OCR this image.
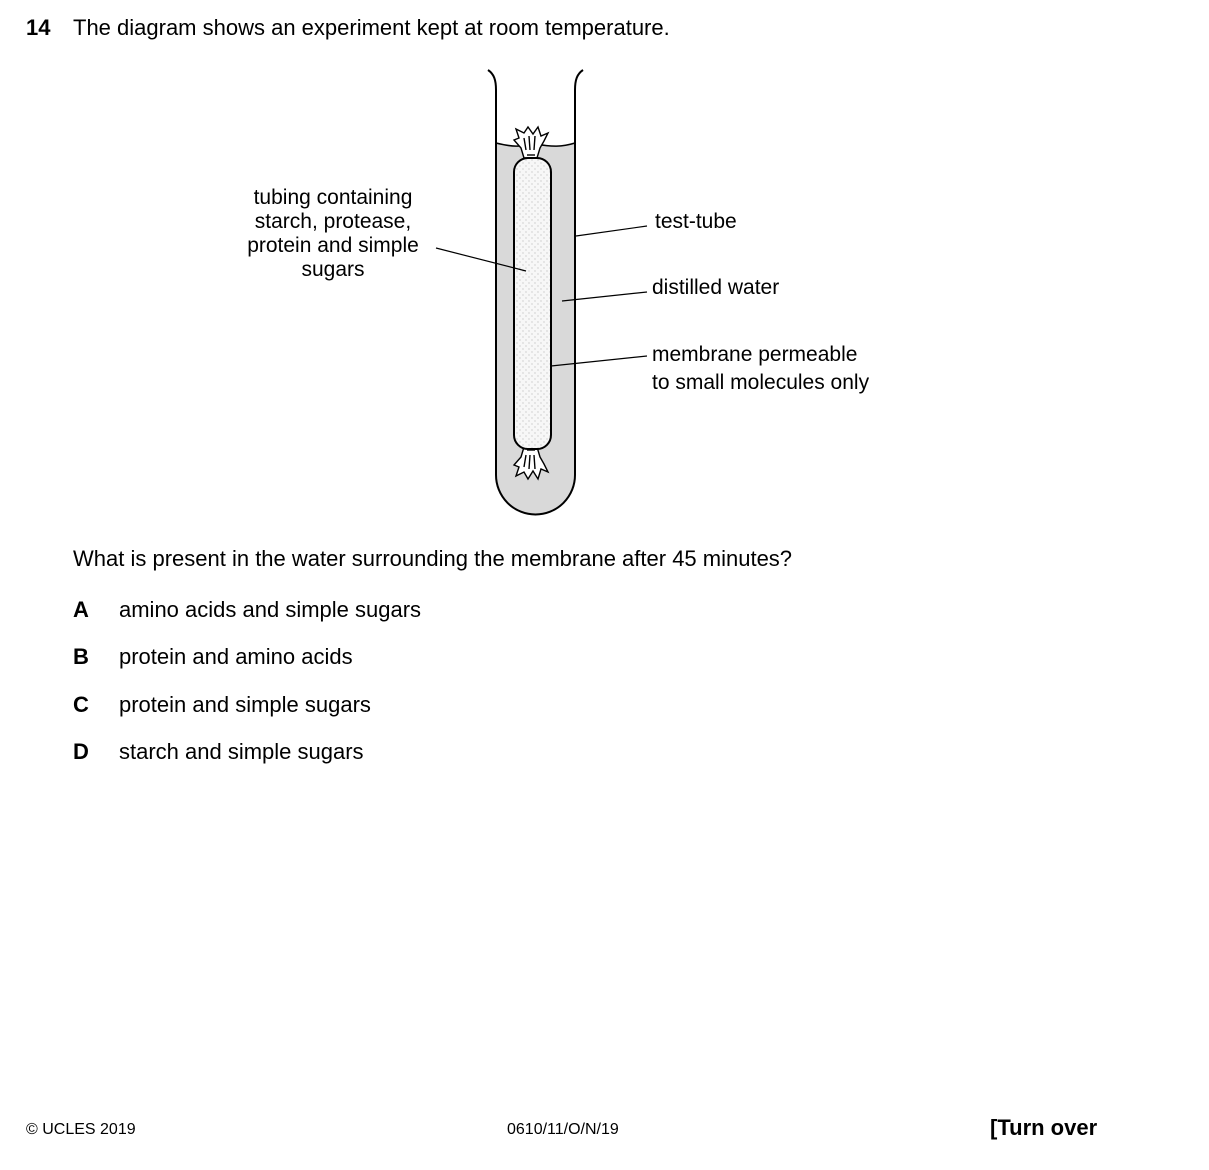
14 The diagram shows an experiment kept at room temperature.
tubing containing
starch, protease,
protein and simple
sugars
test-tube
distilled water
membrane permeable
to small molecules only
What is present in the water surrounding the membrane after 45 minutes?
A amino acids and simple sugars
B protein and amino acids
C protein and simple sugars
D starch and simple sugars
© UCLES 2019	0610/11/O/N/19	[Turn over
